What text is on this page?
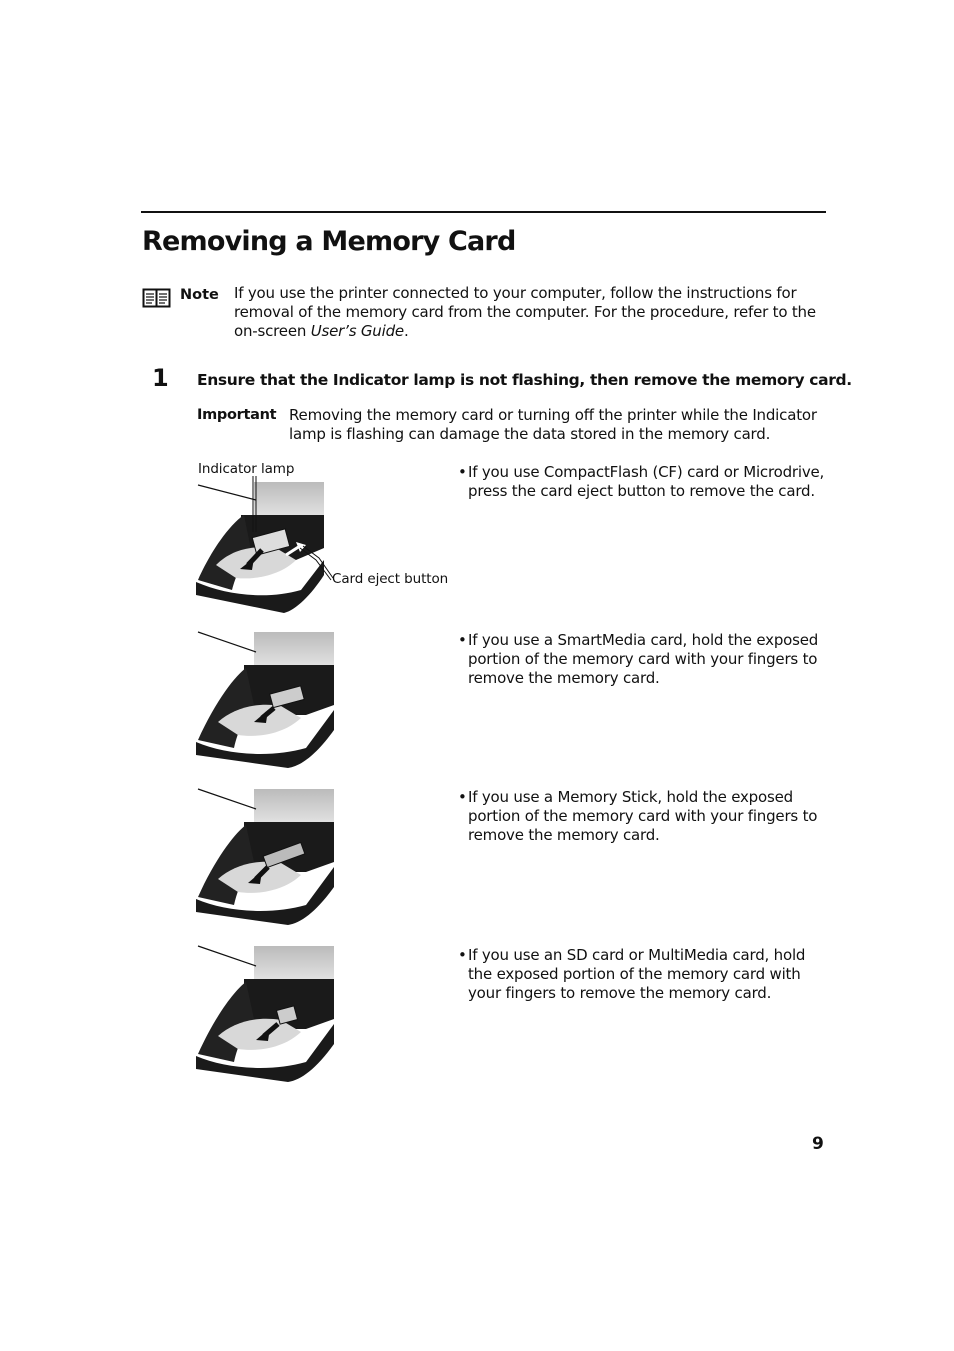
Removing a Memory Card
Note If you use the printer connected to your computer, follow the instructions for removal of the memory card from the computer. For the procedure, refer to the on-screen User’s Guide.
1 Ensure that the Indicator lamp is not flashing, then remove the memory card.
Important Removing the memory card or turning off the printer while the Indicator lamp is flashing can damage the data stored in the memory card.
Indicator lamp
Card eject button
• If you use CompactFlash (CF) card or Microdrive, press the card eject button to remove the card.
• If you use a SmartMedia card, hold the exposed portion of the memory card with your fingers to remove the memory card.
• If you use a Memory Stick, hold the exposed portion of the memory card with your fingers to remove the memory card.
• If you use an SD card or MultiMedia card, hold the exposed portion of the memory card with your fingers to remove the memory card.
9
